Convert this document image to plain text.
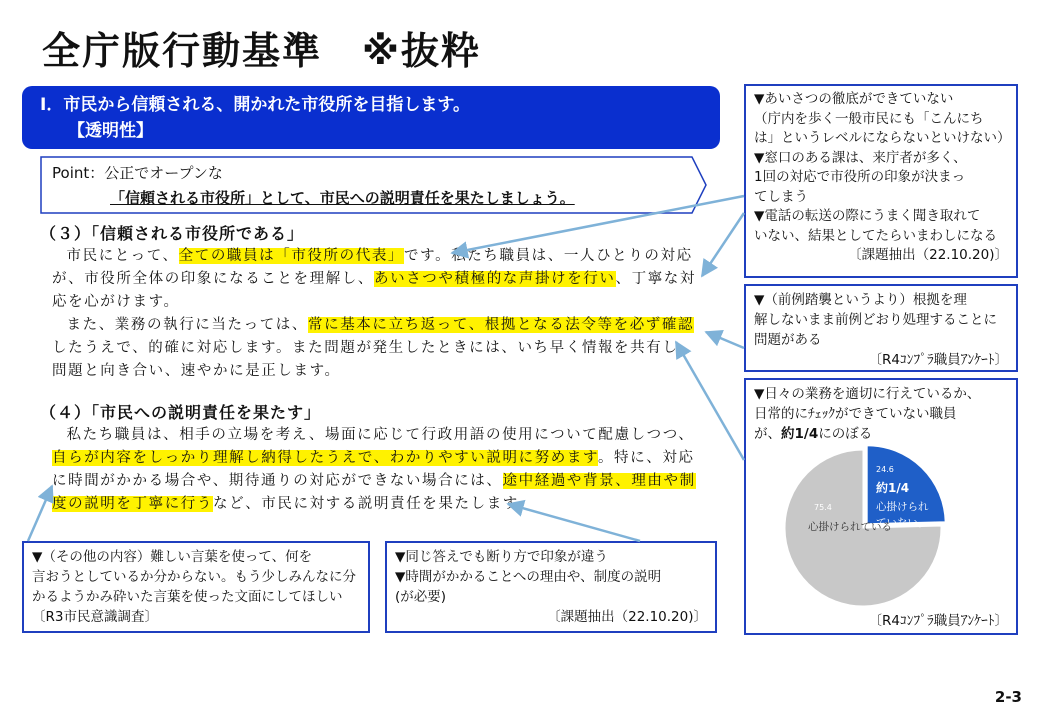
全庁版行動基準　※抜粋
Ⅰ．市民から信頼される、開かれた市役所を目指します。
【透明性】
Point：公正でオープンな
「信頼される市役所」として、市民への説明責任を果たしましょう。
（３）「信頼される市役所である」
市民にとって、全ての職員は「市役所の代表」です。私たち職員は、一人ひとりの対応が、市役所全体の印象になることを理解し、あいさつや積極的な声掛けを行い、丁寧な対応を心がけます。
また、業務の執行に当たっては、常に基本に立ち返って、根拠となる法令等を必ず確認したうえで、的確に対応します。また問題が発生したときには、いち早く情報を共有し、問題と向き合い、速やかに是正します。
（４）「市民への説明責任を果たす」
私たち職員は、相手の立場を考え、場面に応じて行政用語の使用について配慮しつつ、自らが内容をしっかり理解し納得したうえで、わかりやすい説明に努めます。特に、対応に時間がかかる場合や、期待通りの対応ができない場合には、途中経過や背景、理由や制度の説明を丁寧に行うなど、市民に対する説明責任を果たします。
▼（その他の内容）難しい言葉を使って、何を
言おうとしているか分からない。もう少しみんなに分
かるようかみ砕いた言葉を使った文面にしてほしい
〔R3市民意識調査〕
▼同じ答えでも断り方で印象が違う
▼時間がかかることへの理由や、制度の説明
(が必要)
〔課題抽出（22.10.20)〕
▼あいさつの徹底ができていない
（庁内を歩く一般市民にも「こんにち
は」というレベルにならないといけない）
▼窓口のある課は、来庁者が多く、
1回の対応で市役所の印象が決まっ
てしまう
▼電話の転送の際にうまく聞き取れて
いない、結果としてたらいまわしになる
〔課題抽出（22.10.20)〕
▼（前例踏襲というより）根拠を理
解しないまま前例どおり処理することに
問題がある
〔R4ｺﾝﾌﾟﾗ職員ｱﾝｹｰﾄ〕
▼日々の業務を適切に行えているか、
日常的にﾁｪｯｸができていない職員
が、約1/4にのぼる
24.6
約1/4
心掛けられ
ていない。
75.4
心掛けられている
〔R4ｺﾝﾌﾟﾗ職員ｱﾝｹｰﾄ〕
2-3
